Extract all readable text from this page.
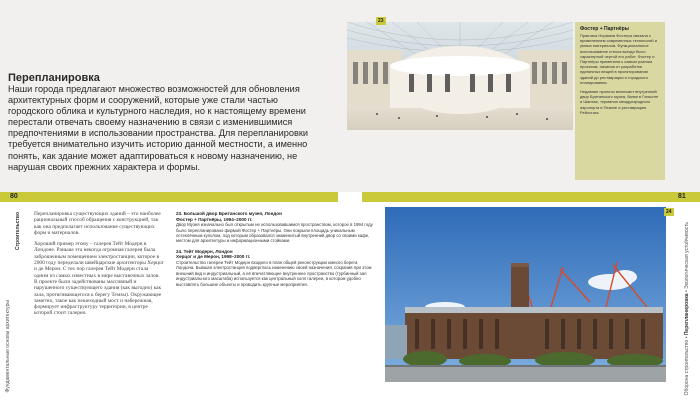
23
Фостер + Партнёры

Практика Нормана Фостера связана с применением современных технологий и умных материалов. Функциональное использование стекла всегда было характерной чертой его работ. Фостер и Партнёры применили к самым разным проектам, начиная от разработки единичных вещей в проектировании зданий до реставрации и городского планирования.

Недавние проекты включают внутренний двор Британского музея, банки в Гонконге и Шанхае, терминал международного аэропорта в Пекине и реставрацию Рейхстага.

Перепланировка
Наши города предлагают множество возможностей для обновления архитектурных форм и сооружений, которые уже стали частью городского облика и культурного наследия, но к настоящему времени перестали отвечать своему назначению в связи с изменившимися предпочтениями в использовании пространства. Для перепланировки требуется внимательно изучить историю данной местности, а именно понять, как здание может адаптироваться к новому назначению, не нарушая своих прежних характера и формы.
80	81
Фундаментальные основы архитектуры
Строительство Перепланировка существующих зданий – это наиболее рациональный способ обращения с конструкцией, так как она предполагает использование существующих форм и материалов.

Хороший пример этому – галерея Тейт Модерн в Лондоне. Раньше эта некогда огромная галерея была заброшенным помещением электростанции, которое в 2000 году переделали швейцарские архитекторы Херцог и де Мерон. С тех пор галерея Тейт Модерн стала одним из самых известных в мире выставочных залов. В проекте были задействованы массивный и нарушенного существующего здания (как выгодно) как зала, протягивающегося к берегу Темзы). Окружающее заметно, такое как пешеходный мост и набережная, формирует инфраструктуру территории, в центре которой стоит галерея.

23. Большой двор Британского музея, Лондон
Фостер + Партнёры, 1994–2000 гг.

Двор Музея изначально был открытым не использовавшимся пространством, которое в 1994 году было перепланировано фирмой Фостер + Партнёры. Они покрыли площадь уникальным остеклённым куполом, под которым образовался знаменитый внутренний двор со своими кафе, местом для архитектуры и информационными стойками.

24. Тейт Модерн, Лондон
Херцог и де Мерон, 1998–2000 гг.

Строительство галереи Тейт Модерн входило в план общей реконструкции южного берега Лондона. Бывшая электростанция подверглась изменению своей назначения, сохранив при этом внешний вид и индустриальный, а её впечатляющее внутреннее пространство (турбинный зал индустриального масштаба) используется как центральный холл галереи, в котором удобно выставлять большие объекты и проводить крупные мероприятия.

24
Оборона строительство • Перепланировка • Экологическая устойчивость
